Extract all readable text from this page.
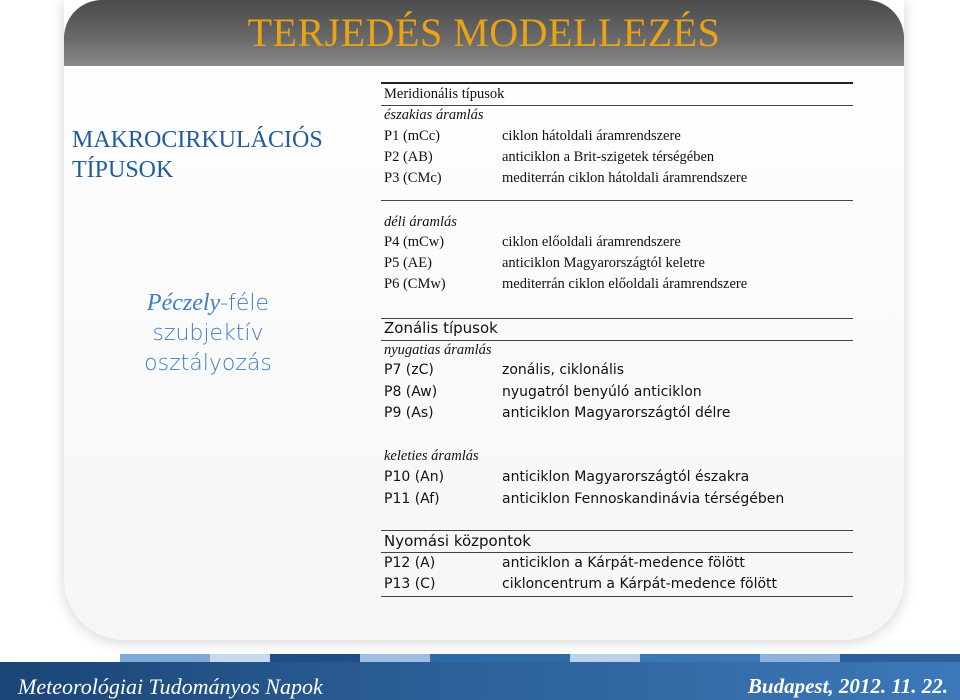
TERJEDÉS MODELLEZÉS
MAKROCIRKULÁCIÓS
TÍPUSOK
Péczely-féle
szubjektív
osztályozás
Meridionális típusok
északias áramlás
P1 (mCc)	ciklon hátoldali áramrendszere
P2 (AB)	anticiklon a Brit-szigetek térségében
P3 (CMc)	mediterrán ciklon hátoldali áramrendszere
déli áramlás
P4 (mCw)	ciklon előoldali áramrendszere
P5 (AE)	anticiklon Magyarországtól keletre
P6 (CMw)	mediterrán ciklon előoldali áramrendszere
Zonális típusok
nyugatias áramlás
P7 (zC)	zonális, ciklonális
P8 (Aw)	nyugatról benyúló anticiklon
P9 (As)	anticiklon Magyarországtól délre
keleties áramlás
P10 (An)	anticiklon Magyarországtól északra
P11 (Af)	anticiklon Fennoskandinávia térségében
Nyomási központok
P12 (A)	anticiklon a Kárpát-medence fölött
P13 (C)	cikloncentrum a Kárpát-medence fölött
Meteorológiai Tudományos Napok	Budapest, 2012. 11. 22.
